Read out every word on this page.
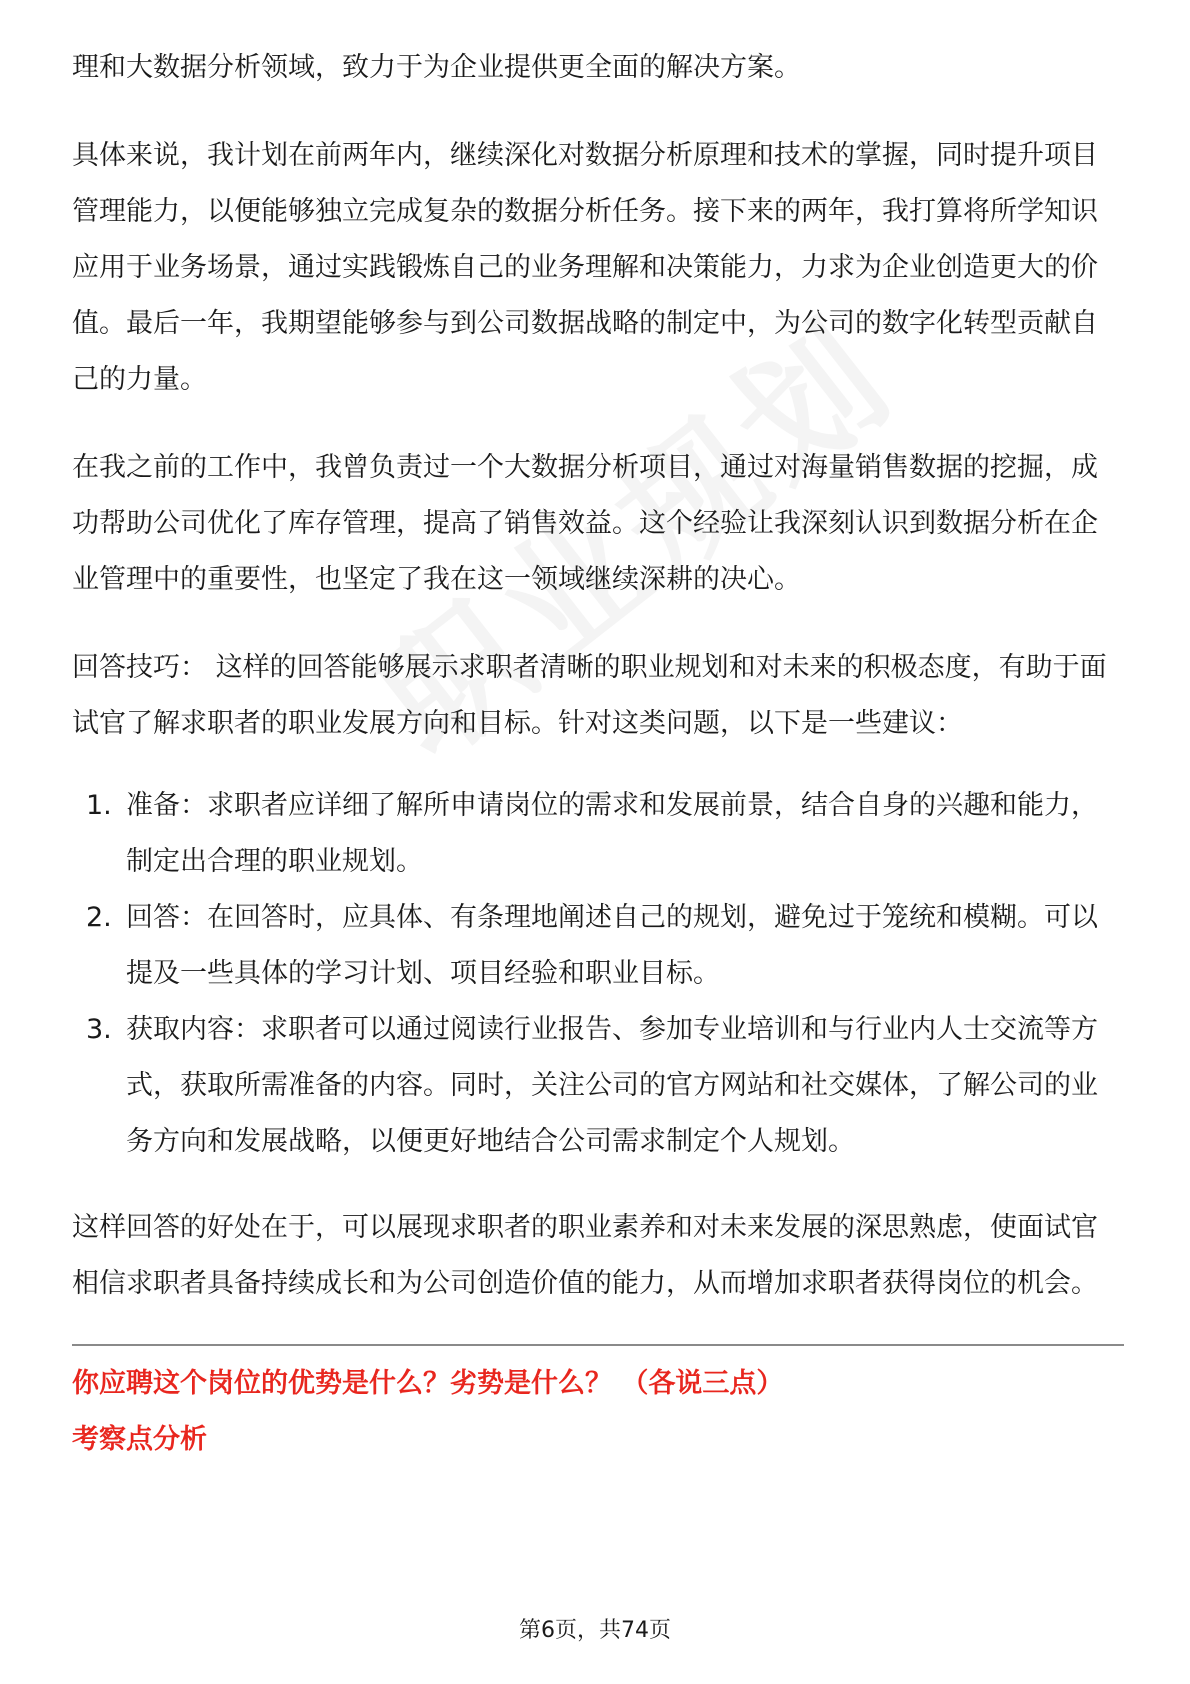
理和大数据分析领域，致力于为企业提供更全面的解决方案。

具体来说，我计划在前两年内，继续深化对数据分析原理和技术的掌握，同时提升项目管理能力，以便能够独立完成复杂的数据分析任务。接下来的两年，我打算将所学知识应用于业务场景，通过实践锻炼自己的业务理解和决策能力，力求为企业创造更大的价值。最后一年，我期望能够参与到公司数据战略的制定中，为公司的数字化转型贡献自己的力量。

在我之前的工作中，我曾负责过一个大数据分析项目，通过对海量销售数据的挖掘，成功帮助公司优化了库存管理，提高了销售效益。这个经验让我深刻认识到数据分析在企业管理中的重要性，也坚定了我在这一领域继续深耕的决心。

回答技巧： 这样的回答能够展示求职者清晰的职业规划和对未来的积极态度，有助于面试官了解求职者的职业发展方向和目标。针对这类问题，以下是一些建议：

1. 准备：求职者应详细了解所申请岗位的需求和发展前景，结合自身的兴趣和能力，制定出合理的职业规划。
2. 回答：在回答时，应具体、有条理地阐述自己的规划，避免过于笼统和模糊。可以提及一些具体的学习计划、项目经验和职业目标。
3. 获取内容：求职者可以通过阅读行业报告、参加专业培训和与行业内人士交流等方式，获取所需准备的内容。同时，关注公司的官方网站和社交媒体，了解公司的业务方向和发展战略，以便更好地结合公司需求制定个人规划。

这样回答的好处在于，可以展现求职者的职业素养和对未来发展的深思熟虑，使面试官相信求职者具备持续成长和为公司创造价值的能力，从而增加求职者获得岗位的机会。

你应聘这个岗位的优势是什么？劣势是什么？ （各说三点）
考察点分析
第6页，共74页
